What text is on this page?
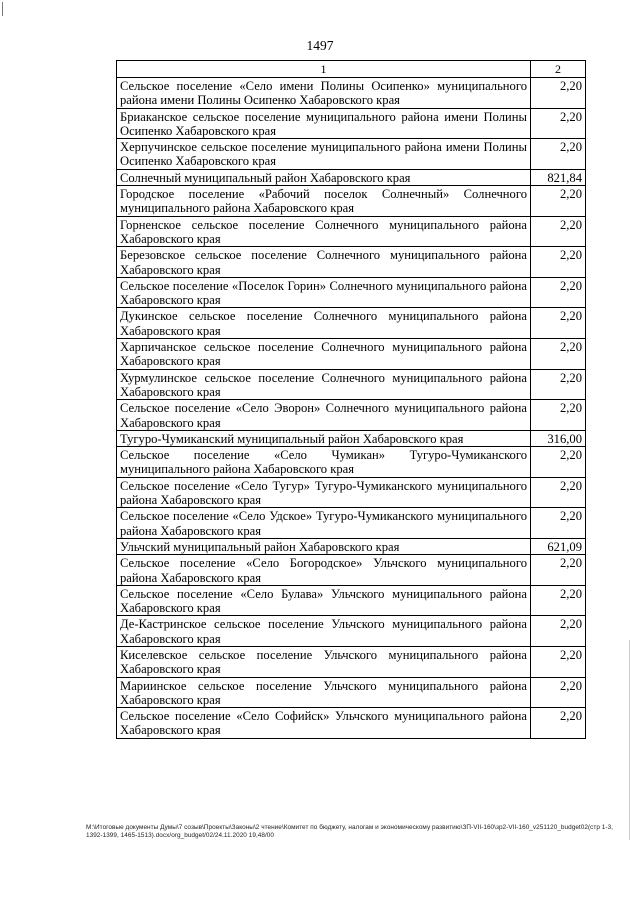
1497
1	2
Сельское поселение «Село имени Полины Осипенко» муниципального района имени Полины Осипенко Хабаровского края	2,20
Бриаканское сельское поселение муниципального района имени Полины Осипенко Хабаровского края	2,20
Херпучинское сельское поселение муниципального района имени Полины Осипенко Хабаровского края	2,20
Солнечный муниципальный район Хабаровского края	821,84
Городское поселение «Рабочий поселок Солнечный» Солнечного муниципального района Хабаровского края	2,20
Горненское сельское поселение Солнечного муниципального района Хабаровского края	2,20
Березовское сельское поселение Солнечного муниципального района Хабаровского края	2,20
Сельское поселение «Поселок Горин» Солнечного муниципального района Хабаровского края	2,20
Дукинское сельское поселение Солнечного муниципального района Хабаровского края	2,20
Харпичанское сельское поселение Солнечного муниципального района Хабаровского края	2,20
Хурмулинское сельское поселение Солнечного муниципального района Хабаровского края	2,20
Сельское поселение «Село Эворон» Солнечного муниципального района Хабаровского края	2,20
Тугуро-Чумиканский муниципальный район Хабаровского края	316,00
Сельское поселение «Село Чумикан» Тугуро-Чумиканского муниципального района Хабаровского края	2,20
Сельское поселение «Село Тугур» Тугуро-Чумиканского муниципального района Хабаровского края	2,20
Сельское поселение «Село Удское» Тугуро-Чумиканского муниципального района Хабаровского края	2,20
Ульчский муниципальный район Хабаровского края	621,09
Сельское поселение «Село Богородское» Ульчского муниципального района Хабаровского края	2,20
Сельское поселение «Село Булава» Ульчского муниципального района Хабаровского края	2,20
Де-Кастринское сельское поселение Ульчского муниципального района Хабаровского края	2,20
Киселевское сельское поселение Ульчского муниципального района Хабаровского края	2,20
Мариинское сельское поселение Ульчского муниципального района Хабаровского края	2,20
Сельское поселение «Село Софийск» Ульчского муниципального района Хабаровского края	2,20
M:\Итоговые документы Думы\7 созыв\Проекты\Законы\2 чтение\Комитет по бюджету, налогам и экономическому развитию\ЗП-VII-160\зр2-VII-160_v251120_budget02(стр 1-3, 1392-1399, 1465-1513).docx/org_budget/02/24.11.2020 19,48/00
